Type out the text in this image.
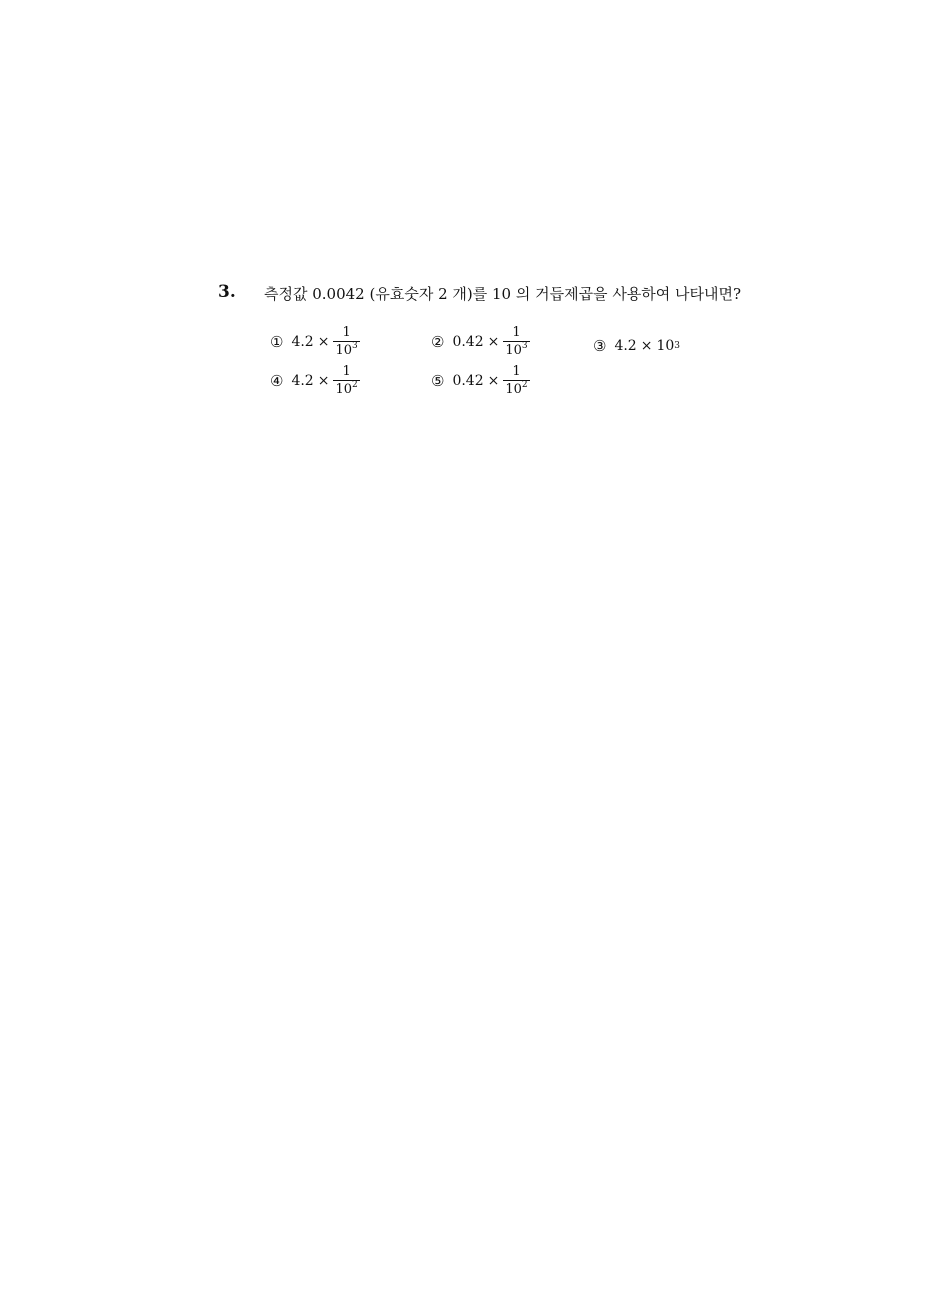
3. 측정값 0.0042 (유효숫자 2 개)를 10 의 거듭제곱을 사용하여 나타내면?
① $4.2 \times \frac{1}{10^3}$	② $0.42 \times \frac{1}{10^3}$	③ 4.2 × 10 3
④ $4.2 \times \frac{1}{10^2}$	⑤ $0.42 \times \frac{1}{10^2}$
